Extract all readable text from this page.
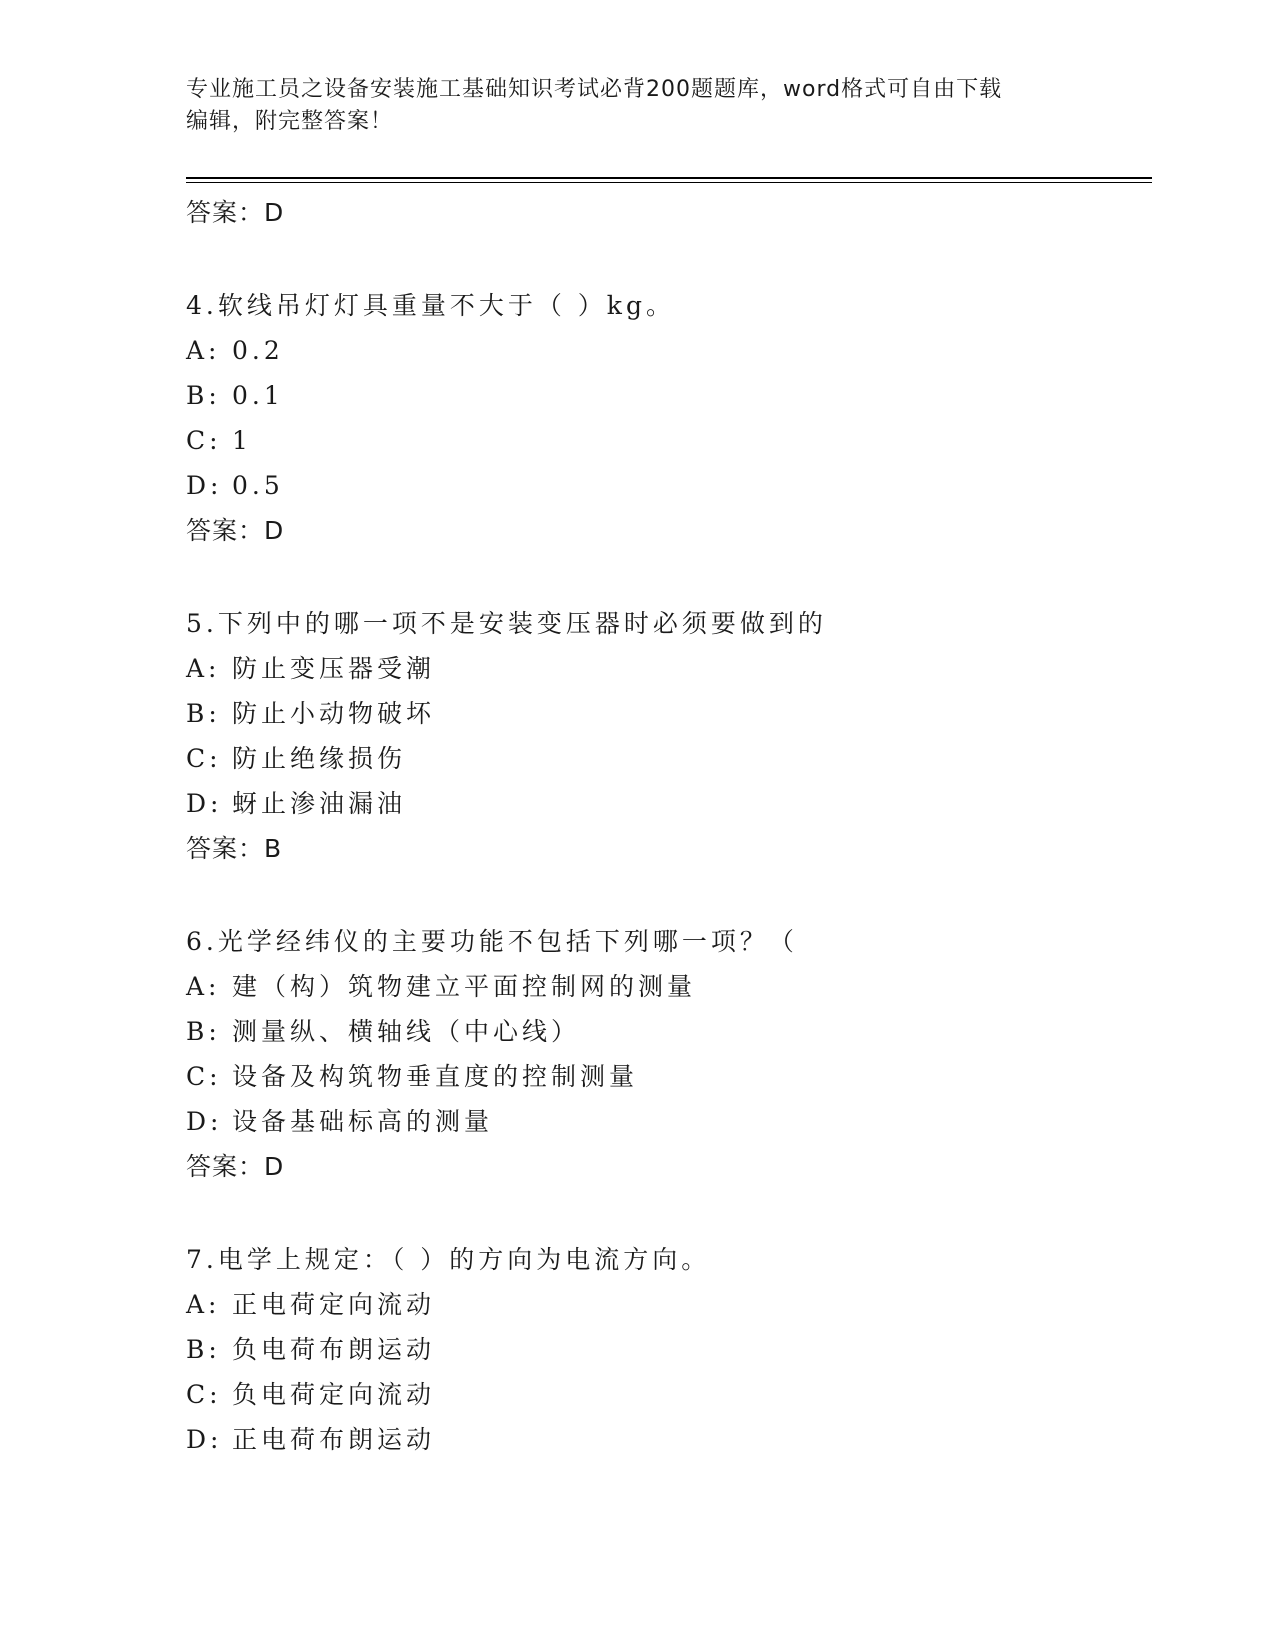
专业施工员之设备安装施工基础知识考试必背200题题库，word格式可自由下载
编辑，附完整答案！
答案：D
4.软线吊灯灯具重量不大于（ ）kg。
A: 0.2
B: 0.1
C: 1
D: 0.5
答案：D
5.下列中的哪一项不是安装变压器时必须要做到的
A: 防止变压器受潮
B: 防止小动物破坏
C: 防止绝缘损伤
D: 蚜止渗油漏油
答案：B
6.光学经纬仪的主要功能不包括下列哪一项？（
A: 建（构）筑物建立平面控制网的测量
B: 测量纵、横轴线（中心线）
C: 设备及构筑物垂直度的控制测量
D: 设备基础标高的测量
答案：D
7.电学上规定：（ ）的方向为电流方向。
A: 正电荷定向流动
B: 负电荷布朗运动
C: 负电荷定向流动
D: 正电荷布朗运动
